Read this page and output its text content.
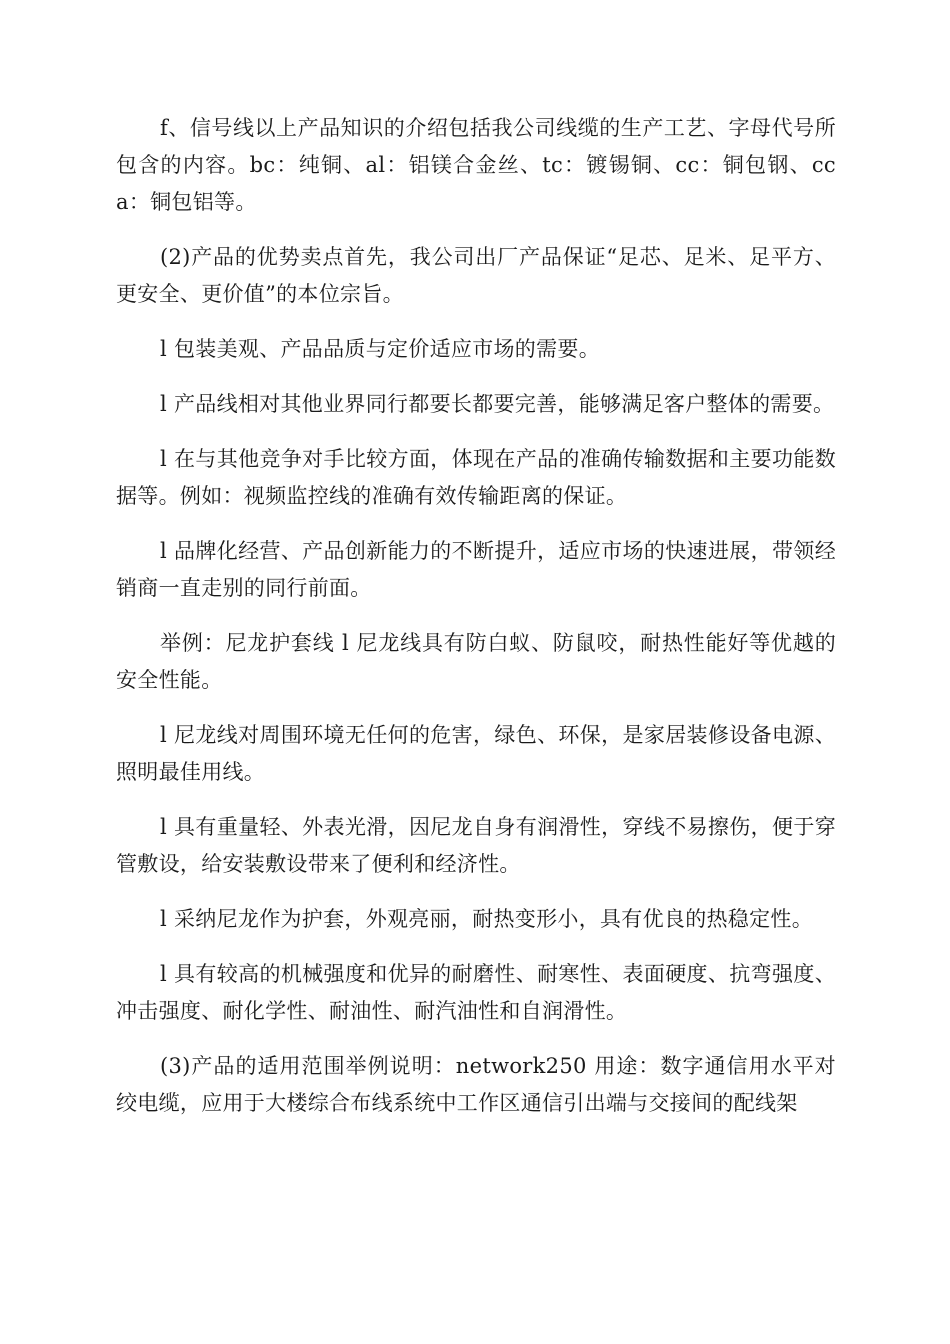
f、信号线以上产品知识的介绍包括我公司线缆的生产工艺、字母代号所包含的内容。bc：纯铜、al：铝镁合金丝、tc：镀锡铜、cc：铜包钢、cca：铜包铝等。

(2)产品的优势卖点首先，我公司出厂产品保证“足芯、足米、足平方、更安全、更价值”的本位宗旨。

l 包装美观、产品品质与定价适应市场的需要。

l 产品线相对其他业界同行都要长都要完善，能够满足客户整体的需要。

l 在与其他竞争对手比较方面，体现在产品的准确传输数据和主要功能数据等。例如：视频监控线的准确有效传输距离的保证。

l 品牌化经营、产品创新能力的不断提升，适应市场的快速进展，带领经销商一直走别的同行前面。

举例：尼龙护套线 l 尼龙线具有防白蚁、防鼠咬，耐热性能好等优越的安全性能。

l 尼龙线对周围环境无任何的危害，绿色、环保，是家居装修设备电源、照明最佳用线。

l 具有重量轻、外表光滑，因尼龙自身有润滑性，穿线不易擦伤，便于穿管敷设，给安装敷设带来了便利和经济性。

l 采纳尼龙作为护套，外观亮丽，耐热变形小，具有优良的热稳定性。

l 具有较高的机械强度和优异的耐磨性、耐寒性、表面硬度、抗弯强度、冲击强度、耐化学性、耐油性、耐汽油性和自润滑性。

(3)产品的适用范围举例说明：network250 用途：数字通信用水平对绞电缆，应用于大楼综合布线系统中工作区通信引出端与交接间的配线架
